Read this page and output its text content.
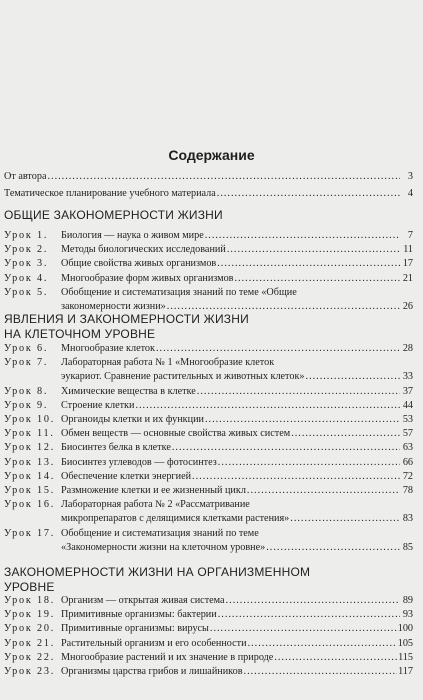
Содержание
От автора .....	3
Тематическое планирование учебного материала .....	4
ОБЩИЕ ЗАКОНОМЕРНОСТИ ЖИЗНИ
Урок 1.	Биология — наука о живом мире .....	7
Урок 2.	Методы биологических исследований .....	11
Урок 3.	Общие свойства живых организмов .....	17
Урок 4.	Многообразие форм живых организмов .....	21
Урок 5.	Обобщение и систематизация знаний по теме «Общие
закономерности жизни» .....	26
ЯВЛЕНИЯ И ЗАКОНОМЕРНОСТИ ЖИЗНИ
НА КЛЕТОЧНОМ УРОВНЕ
Урок 6.	Многообразие клеток .....	28
Урок 7.	Лабораторная работа № 1 «Многообразие клеток
эукариот. Сравнение растительных и животных клеток» .....	33
Урок 8.	Химические вещества в клетке .....	37
Урок 9.	Строение клетки .....	44
Урок 10. Органоиды клетки и их функции .....	53
Урок 11. Обмен веществ — основные свойства живых систем .....	57
Урок 12. Биосинтез белка в клетке .....	63
Урок 13. Биосинтез углеводов — фотосинтез .....	66
Урок 14. Обеспечение клетки энергией .....	72
Урок 15. Размножение клетки и ее жизненный цикл .....	78
Урок 16. Лабораторная работа № 2 «Рассматривание
микропрепаратов с делящимися клетками растения» .....	83
Урок 17. Обобщение и систематизация знаний по теме
«Закономерности жизни на клеточном уровне» .....	85
ЗАКОНОМЕРНОСТИ ЖИЗНИ НА ОРГАНИЗМЕННОМ
УРОВНЕ
Урок 18. Организм — открытая живая система .....	89
Урок 19. Примитивные организмы: бактерии .....	93
Урок 20. Примитивные организмы: вирусы .....	100
Урок 21. Растительный организм и его особенности .....	105
Урок 22. Многообразие растений и их значение в природе .....	115
Урок 23. Организмы царства грибов и лишайников .....	117
